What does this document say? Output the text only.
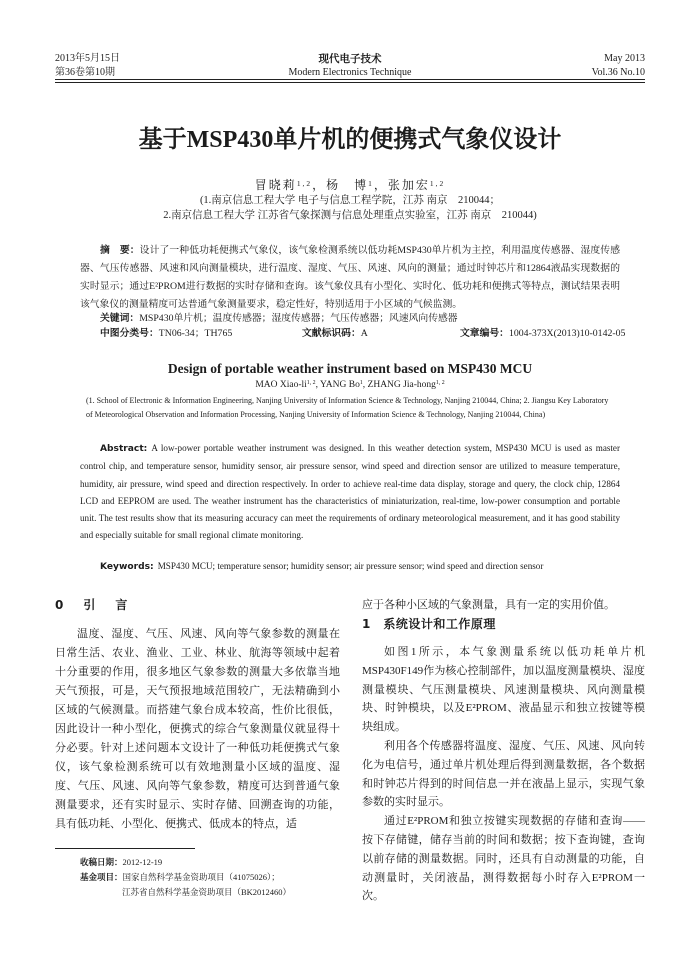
现代电子技术
Modern Electronics Technique
2013年5月15日
第36卷第10期
May 2013
Vol.36 No.10
基于MSP430单片机的便携式气象仪设计
冒晓莉$^{1,2}$，杨　博$^1$，张加宏$^{1,2}$
(1.南京信息工程大学 电子与信息工程学院，江苏 南京　210044；
2.南京信息工程大学 江苏省气象探测与信息处理重点实验室，江苏 南京　210044)
摘　要：设计了一种低功耗便携式气象仪，该气象检测系统以低功耗MSP430单片机为主控，利用温度传感器、湿度传感器、气压传感器、风速和风向测量模块，进行温度、湿度、气压、风速、风向的测量；通过时钟芯片和12864液晶实现数据的实时显示；通过E²PROM进行数据的实时存储和查询。该气象仪具有小型化、实时化、低功耗和便携式等特点，测试结果表明该气象仪的测量精度可达普通气象测量要求，稳定性好，特别适用于小区域的气候监测。
关键词：MSP430单片机；温度传感器；湿度传感器；气压传感器；风速风向传感器
中图分类号：TN06-34；TH765	文献标识码：A	文章编号：1004-373X(2013)10-0142-05
Design of portable weather instrument based on MSP430 MCU
MAO Xiao-li$^{1, 2}$, YANG Bo$^1$, ZHANG Jia-hong$^{1, 2}$
(1. School of Electronic & Information Engineering, Nanjing University of Information Science & Technology, Nanjing 210044, China; 2. Jiangsu Key Laboratory of Meteorological Observation and Information Processing, Nanjing University of Information Science & Technology, Nanjing 210044, China)
Abstract: A low-power portable weather instrument was designed. In this weather detection system, MSP430 MCU is used as master control chip, and temperature sensor, humidity sensor, air pressure sensor, wind speed and direction sensor are utilized to measure temperature, humidity, air pressure, wind speed and direction respectively. In order to achieve real-time data display, storage and query, the clock chip, 12864 LCD and EEPROM are used. The weather instrument has the characteristics of miniaturization, real-time, low-power consumption and portable unit. The test results show that its measuring accuracy can meet the requirements of ordinary meteorological measurement, and it has good stability and especially suitable for small regional climate monitoring.
Keywords: MSP430 MCU; temperature sensor; humidity sensor; air pressure sensor; wind speed and direction sensor
0　引　言

温度、湿度、气压、风速、风向等气象参数的测量在日常生活、农业、渔业、工业、林业、航海等领域中起着十分重要的作用，很多地区气象参数的测量大多依靠当地天气预报，可是，天气预报地域范围较广，无法精确到小区域的气候测量。而搭建气象台成本较高，性价比很低，因此设计一种小型化，便携式的综合气象测量仪就显得十分必要。针对上述问题本文设计了一种低功耗便携式气象仪，该气象检测系统可以有效地测量小区域的温度、湿度、气压、风速、风向等气象参数，精度可达到普通气象测量要求，还有实时显示、实时存储、回溯查询的功能，具有低功耗、小型化、便携式、低成本的特点，适

收稿日期：2012-12-19
基金项目：国家自然科学基金资助项目（41075026）；
江苏省自然科学基金资助项目（BK2012460）
应于各种小区域的气象测量，具有一定的实用价值。
1　系统设计和工作原理

如图1所示，本气象测量系统以低功耗单片机MSP430F149作为核心控制部件，加以温度测量模块、湿度测量模块、气压测量模块、风速测量模块、风向测量模块、时钟模块，以及E²PROM、液晶显示和独立按键等模块组成。

利用各个传感器将温度、湿度、气压、风速、风向转化为电信号，通过单片机处理后得到测量数据，各个数据和时钟芯片得到的时间信息一并在液晶上显示，实现气象参数的实时显示。

通过E²PROM和独立按键实现数据的存储和查询——按下存储键，储存当前的时间和数据；按下查询键，查询以前存储的测量数据。同时，还具有自动测量的功能，自动测量时，关闭液晶，测得数据每小时存入E²PROM一次。
